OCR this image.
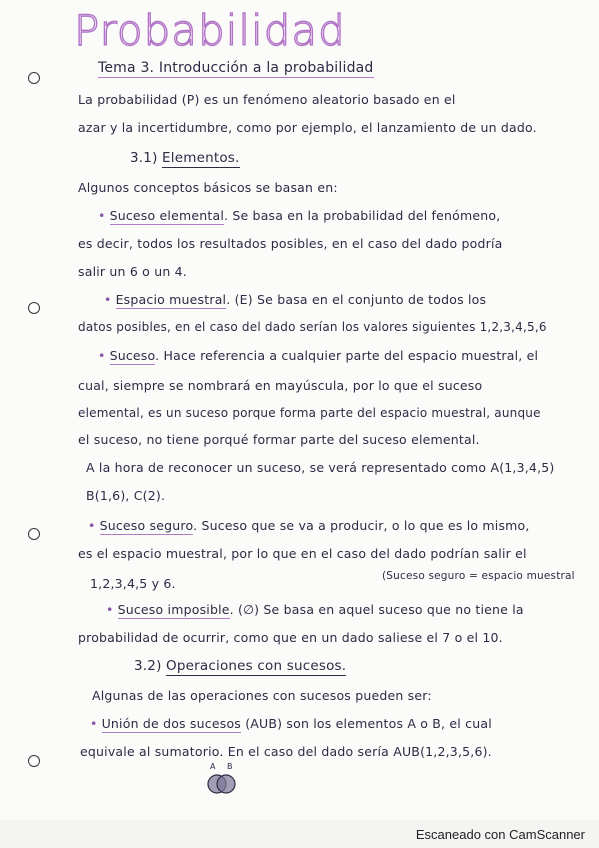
Probabilidad
Tema 3. Introducción a la probabilidad
La probabilidad (P) es un fenómeno aleatorio basado en el
azar y la incertidumbre, como por ejemplo, el lanzamiento de un dado.
3.1) Elementos.
Algunos conceptos básicos se basan en:
• Suceso elemental. Se basa en la probabilidad del fenómeno,
es decir, todos los resultados posibles, en el caso del dado podría
salir un 6 o un 4.
• Espacio muestral. (E) Se basa en el conjunto de todos los
datos posibles, en el caso del dado serían los valores siguientes 1,2,3,4,5,6
• Suceso. Hace referencia a cualquier parte del espacio muestral, el
cual, siempre se nombrará en mayúscula, por lo que el suceso
elemental, es un suceso porque forma parte del espacio muestral, aunque
el suceso, no tiene porqué formar parte del suceso elemental.
A la hora de reconocer un suceso, se verá representado como A(1,3,4,5)
B(1,6), C(2).
• Suceso seguro. Suceso que se va a producir, o lo que es lo mismo,
es el espacio muestral, por lo que en el caso del dado podrían salir el
1,2,3,4,5 y 6.	(Suceso seguro = espacio muestral
• Suceso imposible. (∅) Se basa en aquel suceso que no tiene la
probabilidad de ocurrir, como que en un dado saliese el 7 o el 10.
3.2) Operaciones con sucesos.
Algunas de las operaciones con sucesos pueden ser:
• Unión de dos sucesos (AUB) son los elementos A o B, el cual
equivale al sumatorio. En el caso del dado sería AUB(1,2,3,5,6).
A B
Escaneado con CamScanner
